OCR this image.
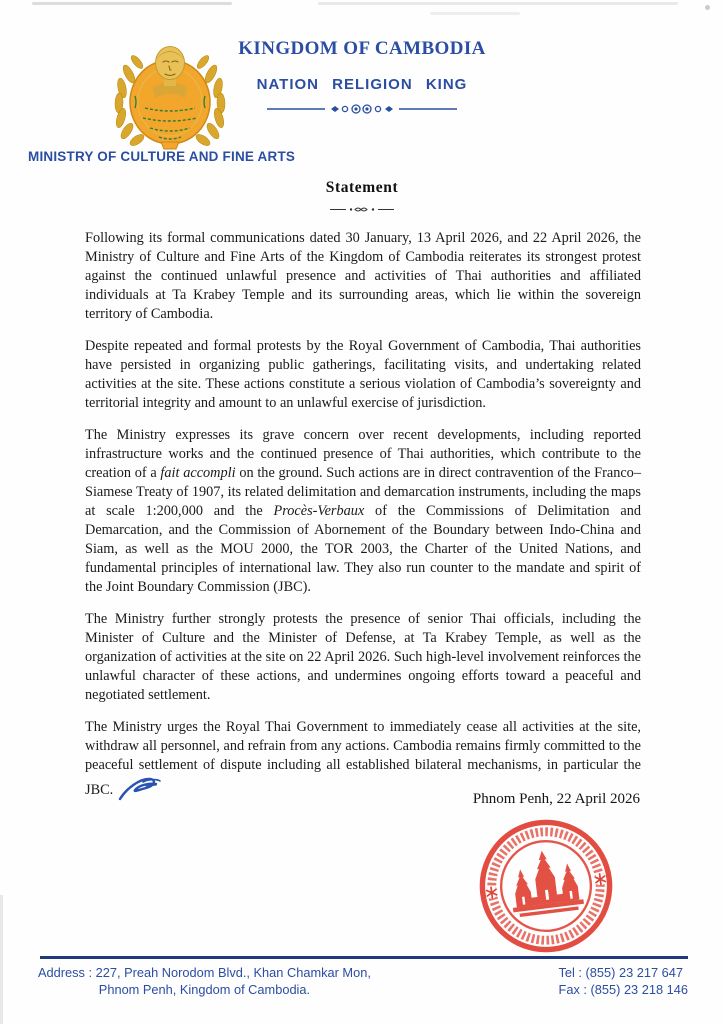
KINGDOM OF CAMBODIA
NATION RELIGION KING
MINISTRY OF CULTURE AND FINE ARTS
Statement

Following its formal communications dated 30 January, 13 April 2026, and 22 April 2026, the Ministry of Culture and Fine Arts of the Kingdom of Cambodia reiterates its strongest protest against the continued unlawful presence and activities of Thai authorities and affiliated individuals at Ta Krabey Temple and its surrounding areas, which lie within the sovereign territory of Cambodia.

Despite repeated and formal protests by the Royal Government of Cambodia, Thai authorities have persisted in organizing public gatherings, facilitating visits, and undertaking related activities at the site. These actions constitute a serious violation of Cambodia’s sovereignty and territorial integrity and amount to an unlawful exercise of jurisdiction.

The Ministry expresses its grave concern over recent developments, including reported infrastructure works and the continued presence of Thai authorities, which contribute to the creation of a fait accompli on the ground. Such actions are in direct contravention of the Franco–Siamese Treaty of 1907, its related delimitation and demarcation instruments, including the maps at scale 1:200,000 and the Procès-Verbaux of the Commissions of Delimitation and Demarcation, and the Commission of Abornement of the Boundary between Indo-China and Siam, as well as the MOU 2000, the TOR 2003, the Charter of the United Nations, and fundamental principles of international law. They also run counter to the mandate and spirit of the Joint Boundary Commission (JBC).

The Ministry further strongly protests the presence of senior Thai officials, including the Minister of Culture and the Minister of Defense, at Ta Krabey Temple, as well as the organization of activities at the site on 22 April 2026. Such high-level involvement reinforces the unlawful character of these actions, and undermines ongoing efforts toward a peaceful and negotiated settlement.

The Ministry urges the Royal Thai Government to immediately cease all activities at the site, withdraw all personnel, and refrain from any actions. Cambodia remains firmly committed to the peaceful settlement of dispute including all established bilateral mechanisms, in particular the JBC.

Phnom Penh, 22 April 2026
Address : 227, Preah Norodom Blvd., Khan Chamkar Mon,
Phnom Penh, Kingdom of Cambodia.
Tel : (855) 23 217 647
Fax : (855) 23 218 146
